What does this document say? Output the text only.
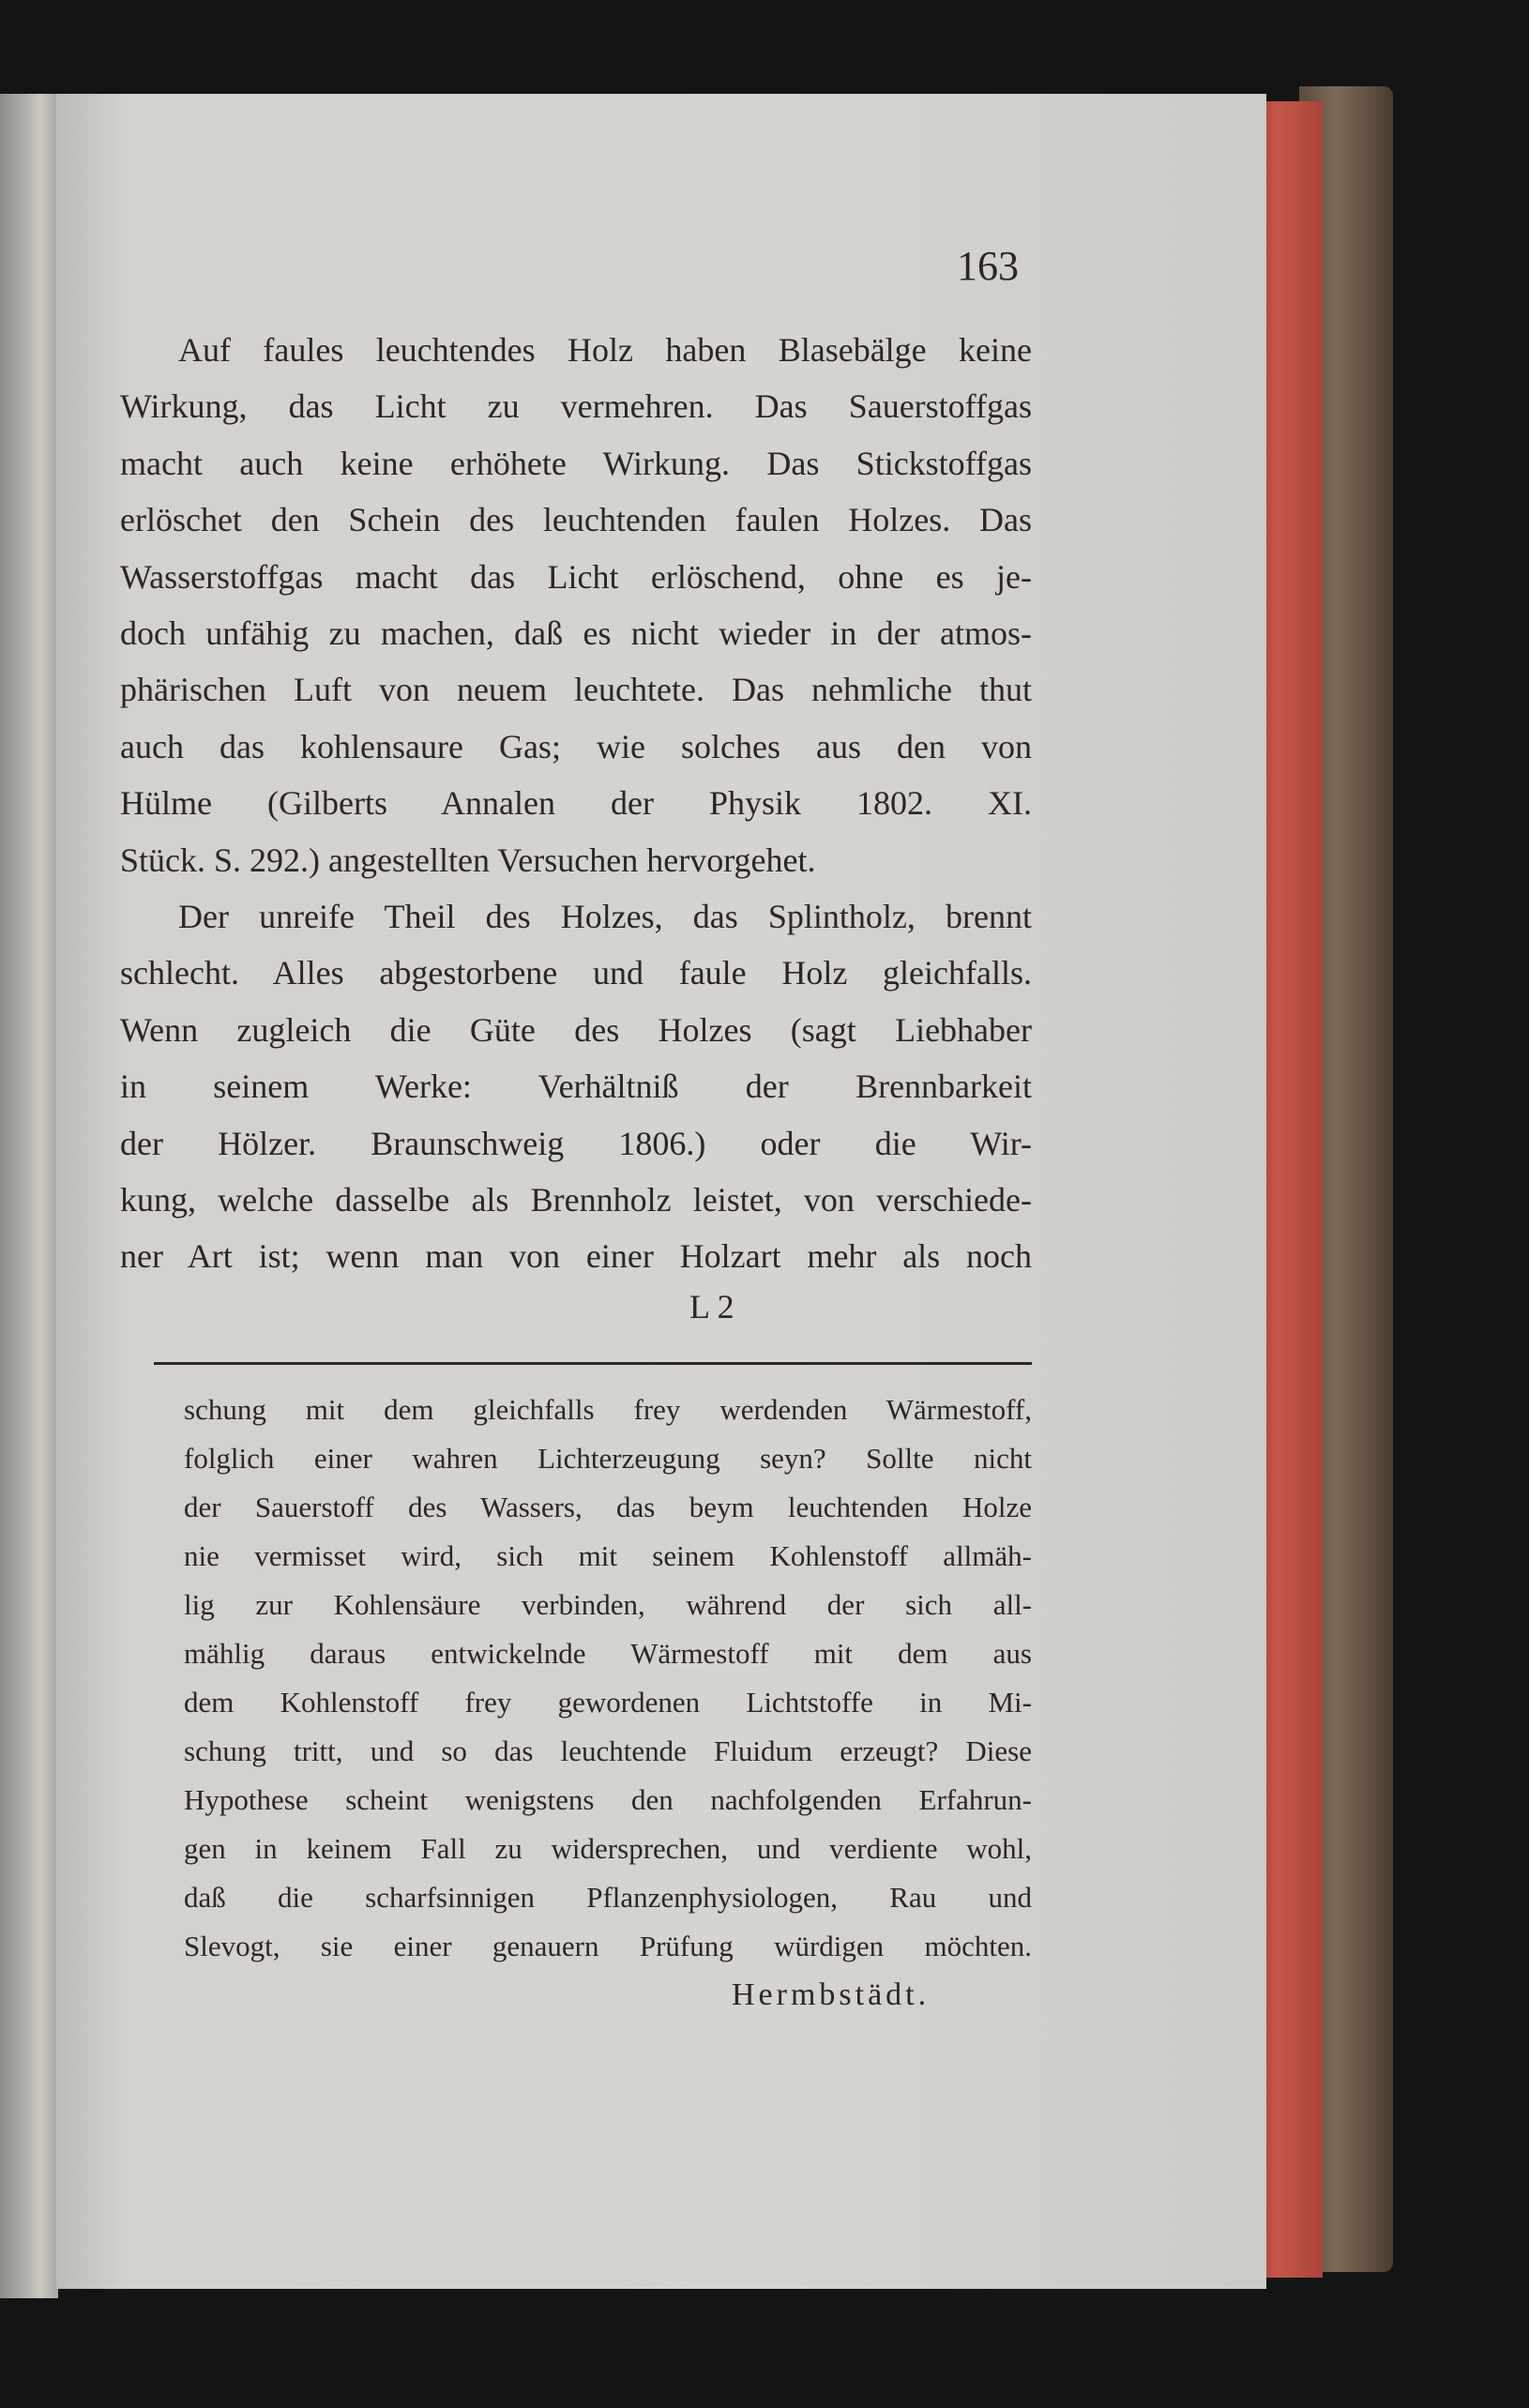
163
Auf faules leuchtendes Holz haben Blasebälge keine
Wirkung, das Licht zu vermehren. Das Sauerstoffgas
macht auch keine erhöhete Wirkung. Das Stickstoffgas
erlöschet den Schein des leuchtenden faulen Holzes. Das
Wasserstoffgas macht das Licht erlöschend, ohne es je-
doch unfähig zu machen, daß es nicht wieder in der atmos-
phärischen Luft von neuem leuchtete. Das nehmliche thut
auch das kohlensaure Gas; wie solches aus den von
Hülme (Gilberts Annalen der Physik 1802. XI.
Stück. S. 292.) angestellten Versuchen hervorgehet.
Der unreife Theil des Holzes, das Splintholz, brennt
schlecht. Alles abgestorbene und faule Holz gleichfalls.
Wenn zugleich die Güte des Holzes (sagt Liebhaber
in seinem Werke: Verhältniß der Brennbarkeit
der Hölzer. Braunschweig 1806.) oder die Wir-
kung, welche dasselbe als Brennholz leistet, von verschiede-
ner Art ist; wenn man von einer Holzart mehr als noch
L 2
schung mit dem gleichfalls frey werdenden Wärmestoff,
folglich einer wahren Lichterzeugung seyn? Sollte nicht
der Sauerstoff des Wassers, das beym leuchtenden Holze
nie vermisset wird, sich mit seinem Kohlenstoff allmäh-
lig zur Kohlensäure verbinden, während der sich all-
mählig daraus entwickelnde Wärmestoff mit dem aus
dem Kohlenstoff frey gewordenen Lichtstoffe in Mi-
schung tritt, und so das leuchtende Fluidum erzeugt? Diese
Hypothese scheint wenigstens den nachfolgenden Erfahrun-
gen in keinem Fall zu widersprechen, und verdiente wohl,
daß die scharfsinnigen Pflanzenphysiologen, Rau und
Slevogt, sie einer genauern Prüfung würdigen möchten.
Hermbstädt.
